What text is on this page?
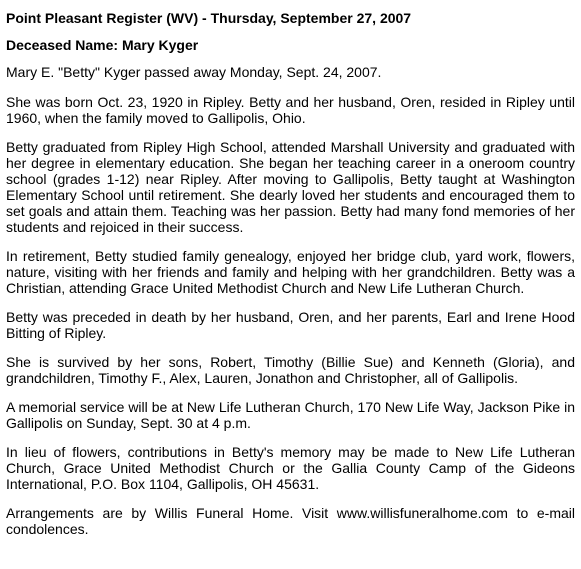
Point Pleasant Register (WV) - Thursday, September 27, 2007

Deceased Name: Mary Kyger

Mary E. "Betty" Kyger passed away Monday, Sept. 24, 2007.

She was born Oct. 23, 1920 in Ripley. Betty and her husband, Oren, resided in Ripley until 1960, when the family moved to Gallipolis, Ohio.

Betty graduated from Ripley High School, attended Marshall University and graduated with her degree in elementary education. She began her teaching career in a oneroom country school (grades 1-12) near Ripley. After moving to Gallipolis, Betty taught at Washington Elementary School until retirement. She dearly loved her students and encouraged them to set goals and attain them. Teaching was her passion. Betty had many fond memories of her students and rejoiced in their success.

In retirement, Betty studied family genealogy, enjoyed her bridge club, yard work, flowers, nature, visiting with her friends and family and helping with her grandchildren. Betty was a Christian, attending Grace United Methodist Church and New Life Lutheran Church.

Betty was preceded in death by her husband, Oren, and her parents, Earl and Irene Hood Bitting of Ripley.

She is survived by her sons, Robert, Timothy (Billie Sue) and Kenneth (Gloria), and grandchildren, Timothy F., Alex, Lauren, Jonathon and Christopher, all of Gallipolis.

A memorial service will be at New Life Lutheran Church, 170 New Life Way, Jackson Pike in Gallipolis on Sunday, Sept. 30 at 4 p.m.

In lieu of flowers, contributions in Betty's memory may be made to New Life Lutheran Church, Grace United Methodist Church or the Gallia County Camp of the Gideons International, P.O. Box 1104, Gallipolis, OH 45631.

Arrangements are by Willis Funeral Home. Visit www.willisfuneralhome.com to e-mail condolences.
